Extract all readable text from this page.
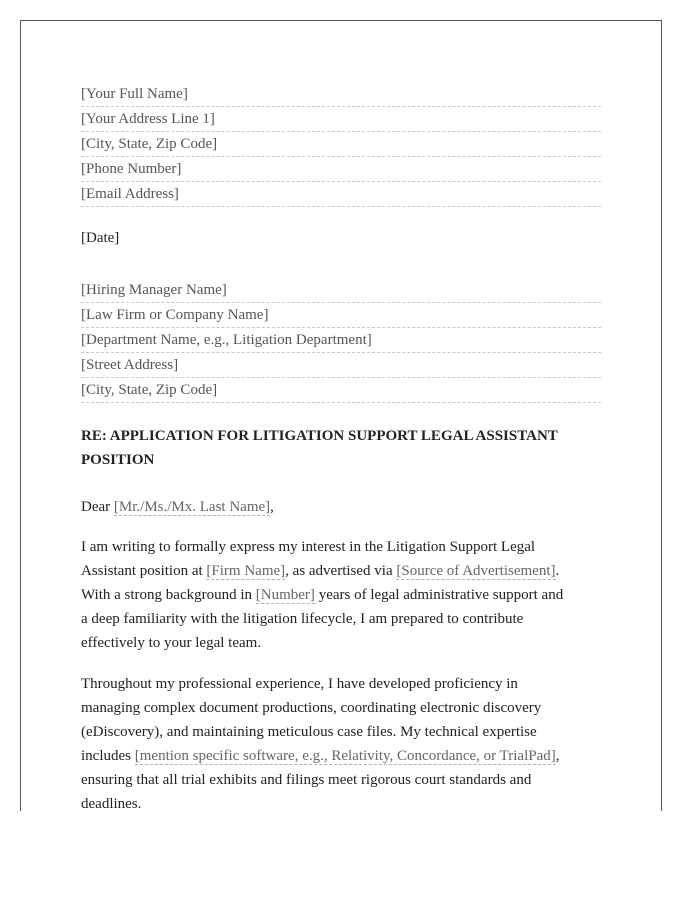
[Your Full Name]
[Your Address Line 1]
[City, State, Zip Code]
[Phone Number]
[Email Address]
[Date]
[Hiring Manager Name]
[Law Firm or Company Name]
[Department Name, e.g., Litigation Department]
[Street Address]
[City, State, Zip Code]
RE: APPLICATION FOR LITIGATION SUPPORT LEGAL ASSISTANT
POSITION
Dear [Mr./Ms./Mx. Last Name],
I am writing to formally express my interest in the Litigation Support Legal
Assistant position at [Firm Name], as advertised via [Source of Advertisement].
With a strong background in [Number] years of legal administrative support and
a deep familiarity with the litigation lifecycle, I am prepared to contribute
effectively to your legal team.
Throughout my professional experience, I have developed proficiency in
managing complex document productions, coordinating electronic discovery
(eDiscovery), and maintaining meticulous case files. My technical expertise
includes [mention specific software, e.g., Relativity, Concordance, or TrialPad],
ensuring that all trial exhibits and filings meet rigorous court standards and
deadlines.
